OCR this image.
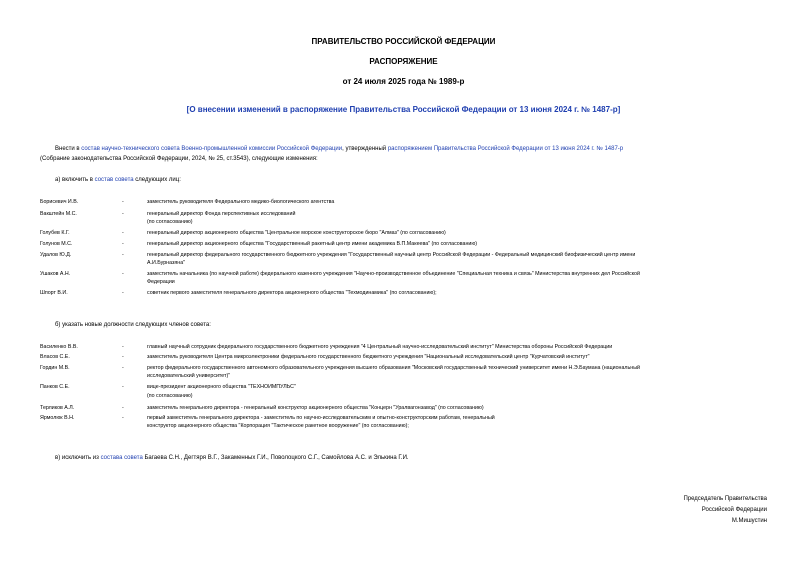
ПРАВИТЕЛЬСТВО РОССИЙСКОЙ ФЕДЕРАЦИИ
РАСПОРЯЖЕНИЕ
от 24 июля 2025 года № 1989-р
[О внесении изменений в распоряжение Правительства Российской Федерации от 13 июня 2024 г. № 1487-р]
Внести в состав научно-технического совета Военно-промышленной комиссии Российской Федерации, утвержденный распоряжением Правительства Российской Федерации от 13 июня 2024 г. № 1487-р
(Собрание законодательства Российской Федерации, 2024, № 25, ст.3543), следующие изменения:
а) включить в состав совета следующих лиц:
Борисевич И.В.	-	заместитель руководителя Федерального медико-биологического агентства
Вакштейн М.С.	-	генеральный директор Фонда перспективных исследований
(по согласованию)
Голубев К.Г.	-	генеральный директор акционерного общества "Центральное морское конструкторское бюро "Алмаз" (по согласованию)
Голунов М.С.	-	генеральный директор акционерного общества "Государственный ракетный центр имени академика В.П.Макеева" (по согласованию)
Удалов Ю.Д.	-	генеральный директор федерального государственного бюджетного учреждения "Государственный научный центр Российской Федерации - Федеральный медицинский биофизический центр имени
А.И.Бурназяна"
Ушаков А.Н.	-	заместитель начальника (по научной работе) федерального казенного учреждения "Научно-производственное объединение "Специальная техника и связь" Министерства внутренних дел Российской
Федерации
Шпорт В.И.	-	советник первого заместителя генерального директора акционерного общества "Техмодинамика" (по согласованию);
б) указать новые должности следующих членов совета:
Василенко В.В.	-	главный научный сотрудник федерального государственного бюджетного учреждения "4 Центральный научно-исследовательский институт" Министерства обороны Российской Федерации
Власов С.Е.	-	заместитель руководителя Центра микроэлектроники федерального государственного бюджетного учреждения "Национальный исследовательский центр "Курчатовский институт"
Гордин М.В.	-	ректор федерального государственного автономного образовательного учреждения высшего образования "Московский государственный технический университет имени Н.Э.Баумана (национальный
исследовательский университет)"
Панков С.Е.	-	вице-президент акционерного общества "ТЕХНОИМПУЛЬС"
(по согласованию)
Терликов А.Л.	-	заместитель генерального директора - генеральный конструктор акционерного общества "Концерн "Уралвагонзавод" (по согласованию)
Ярмолюк В.Н.	-	первый заместитель генерального директора - заместитель по научно-исследовательским и опытно-конструкторским работам, генеральный
конструктор акционерного общества "Корпорация "Тактическое ракетное вооружение" (по согласованию);
в) исключить из состава совета Багаева С.Н., Дегтяря В.Г., Закаменных Г.И., Поволоцкого С.Г., Самойлова А.С. и Элькина Г.И.
Председатель Правительства
Российской Федерации
М.Мишустин
